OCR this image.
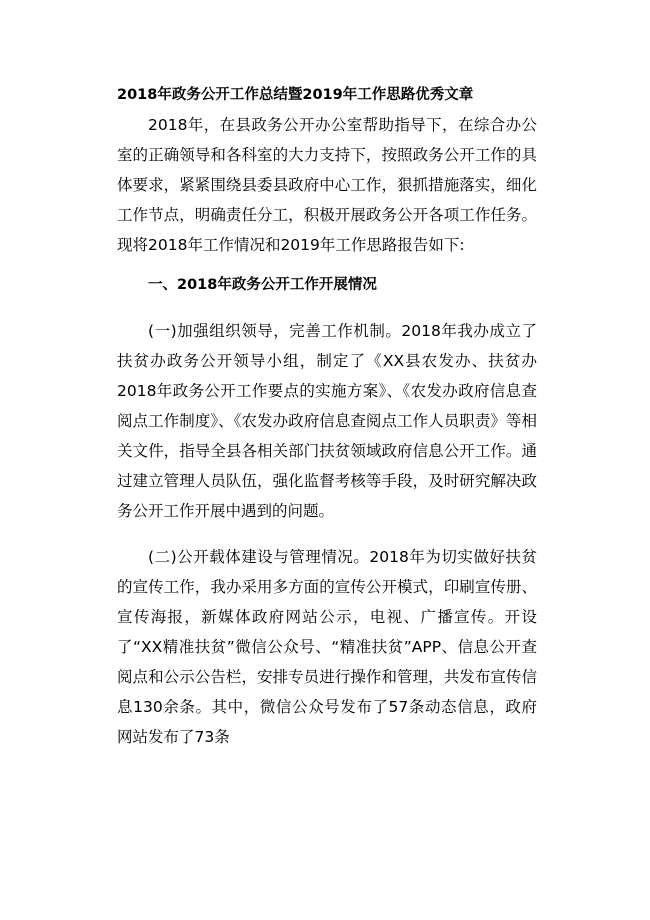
2018年政务公开工作总结暨2019年工作思路优秀文章

2018年，在县政务公开办公室帮助指导下，在综合办公室的正确领导和各科室的大力支持下，按照政务公开工作的具体要求，紧紧围绕县委县政府中心工作，狠抓措施落实，细化工作节点，明确责任分工，积极开展政务公开各项工作任务。现将2018年工作情况和2019年工作思路报告如下:

一、2018年政务公开工作开展情况

(一)加强组织领导，完善工作机制。2018年我办成立了扶贫办政务公开领导小组，制定了《XX县农发办、扶贫办2018年政务公开工作要点的实施方案》、《农发办政府信息查阅点工作制度》、《农发办政府信息查阅点工作人员职责》等相关文件，指导全县各相关部门扶贫领域政府信息公开工作。通过建立管理人员队伍，强化监督考核等手段，及时研究解决政务公开工作开展中遇到的问题。

(二)公开载体建设与管理情况。2018年为切实做好扶贫的宣传工作，我办采用多方面的宣传公开模式，印刷宣传册、宣传海报，新媒体政府网站公示，电视、广播宣传。开设了“XX精准扶贫”微信公众号、“精准扶贫”APP、信息公开查阅点和公示公告栏，安排专员进行操作和管理，共发布宣传信息130余条。其中，微信公众号发布了57条动态信息，政府网站发布了73条
